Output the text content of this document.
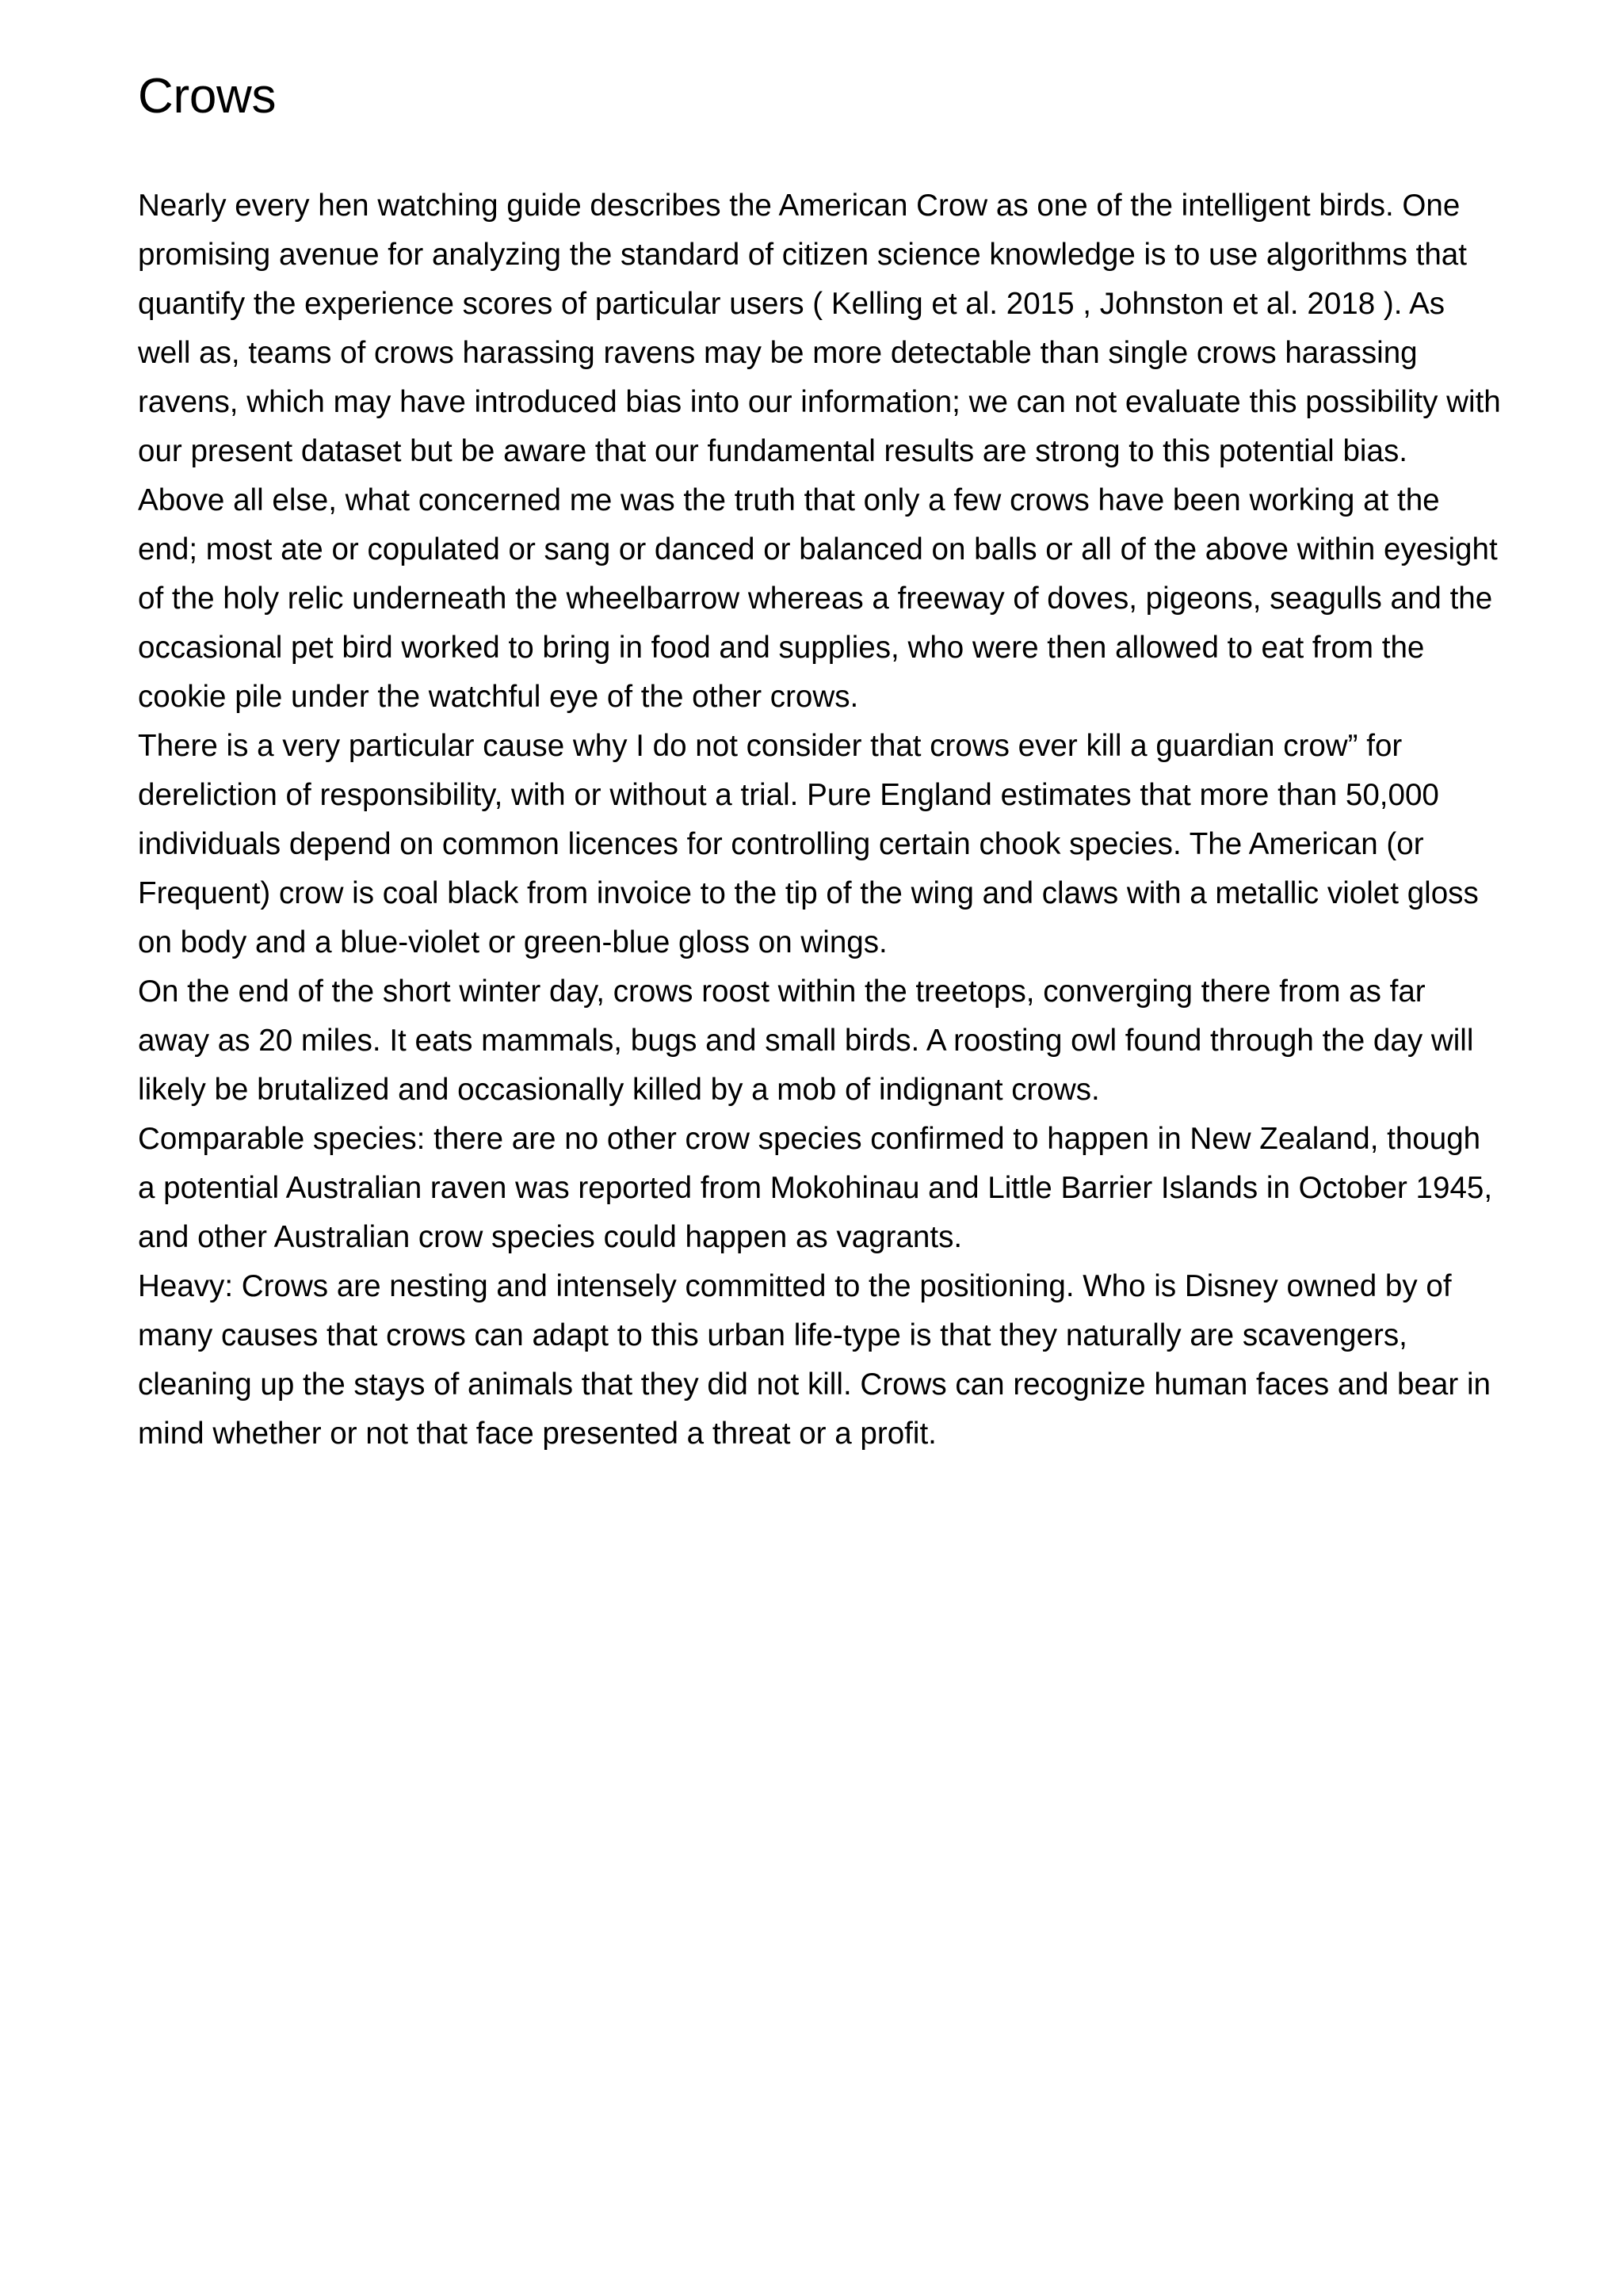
Crows

Nearly every hen watching guide describes the American Crow as one of the intelligent birds. One promising avenue for analyzing the standard of citizen science knowledge is to use algorithms that quantify the experience scores of particular users ( Kelling et al. 2015 , Johnston et al. 2018 ). As well as, teams of crows harassing ravens may be more detectable than single crows harassing ravens, which may have introduced bias into our information; we can not evaluate this possibility with our present dataset but be aware that our fundamental results are strong to this potential bias.

Above all else, what concerned me was the truth that only a few crows have been working at the end; most ate or copulated or sang or danced or balanced on balls or all of the above within eyesight of the holy relic underneath the wheelbarrow whereas a freeway of doves, pigeons, seagulls and the occasional pet bird worked to bring in food and supplies, who were then allowed to eat from the cookie pile under the watchful eye of the other crows.

There is a very particular cause why I do not consider that crows ever kill a guardian crow” for dereliction of responsibility, with or without a trial. Pure England estimates that more than 50,000 individuals depend on common licences for controlling certain chook species. The American (or Frequent) crow is coal black from invoice to the tip of the wing and claws with a metallic violet gloss on body and a blue-violet or green-blue gloss on wings.

On the end of the short winter day, crows roost within the treetops, converging there from as far away as 20 miles. It eats mammals, bugs and small birds. A roosting owl found through the day will likely be brutalized and occasionally killed by a mob of indignant crows.

Comparable species: there are no other crow species confirmed to happen in New Zealand, though a potential Australian raven was reported from Mokohinau and Little Barrier Islands in October 1945, and other Australian crow species could happen as vagrants.

Heavy: Crows are nesting and intensely committed to the positioning. Who is Disney owned by of many causes that crows can adapt to this urban life-type is that they naturally are scavengers, cleaning up the stays of animals that they did not kill. Crows can recognize human faces and bear in mind whether or not that face presented a threat or a profit.
